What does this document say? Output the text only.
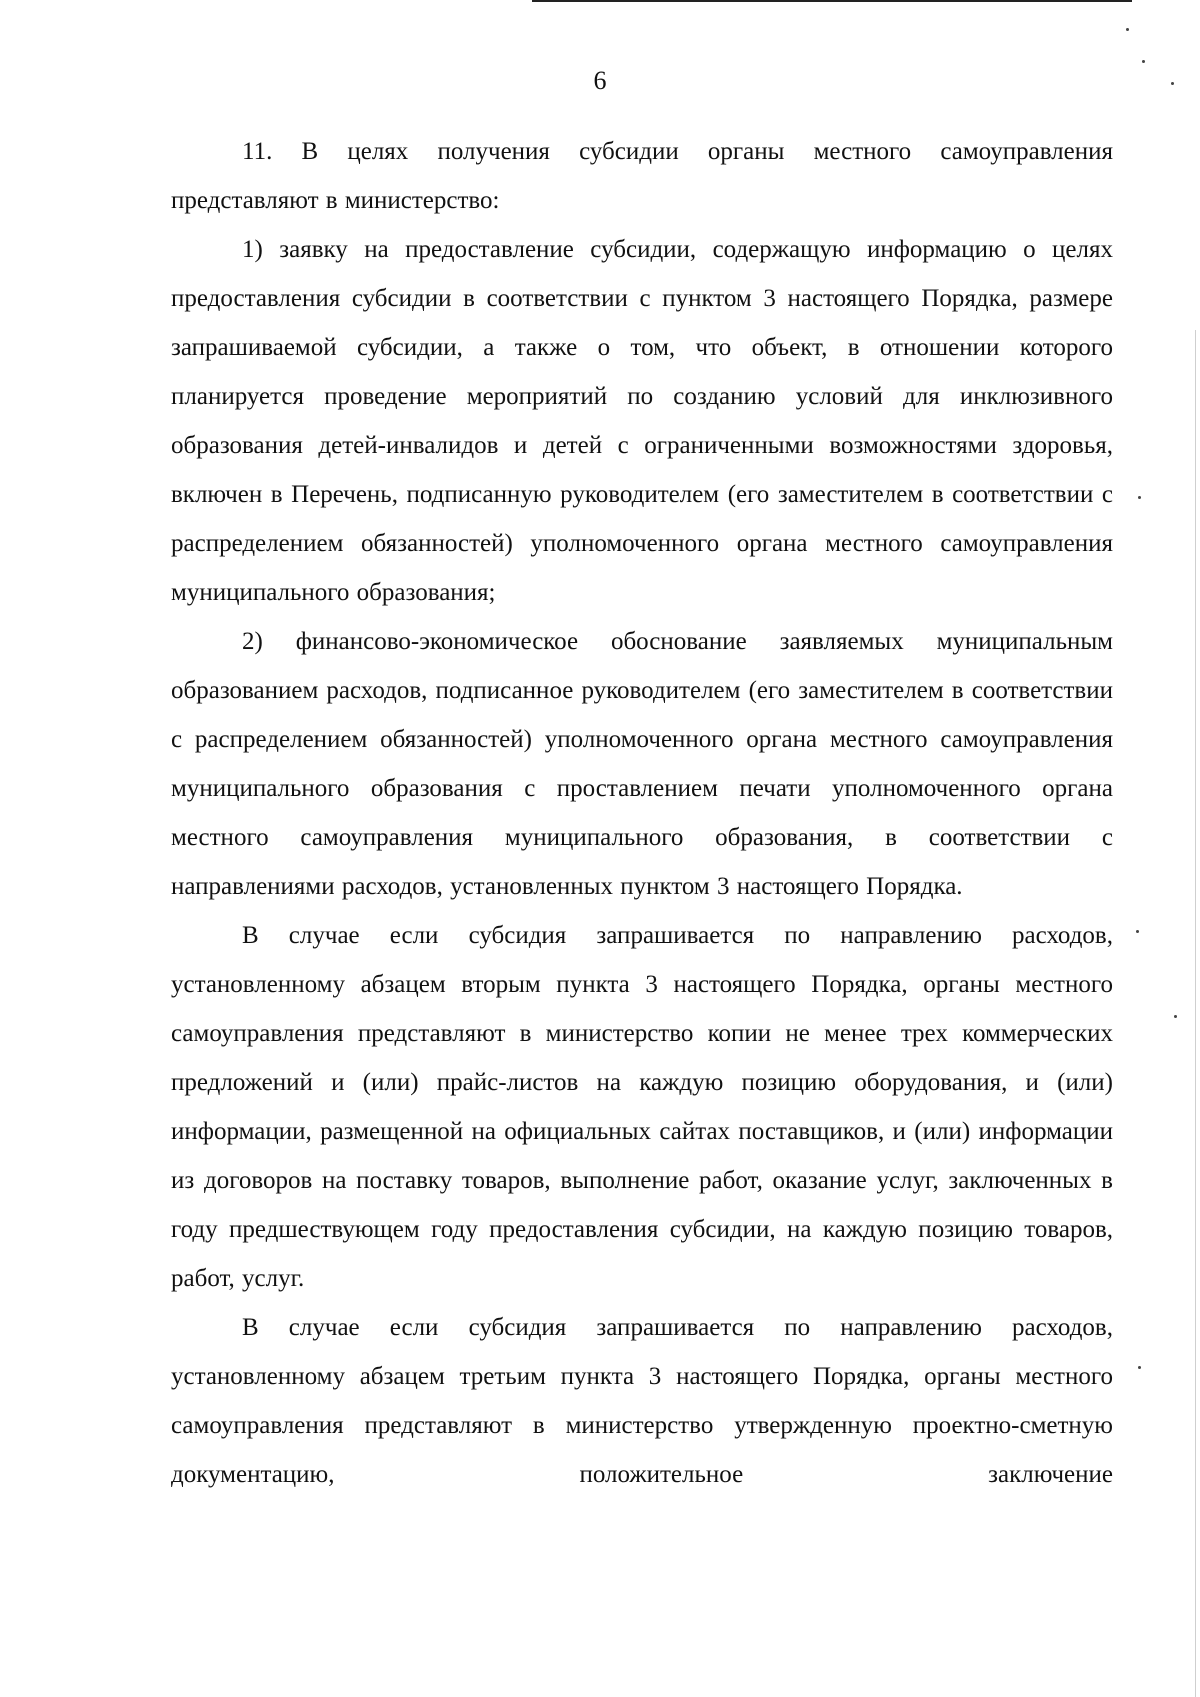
6

11. В целях получения субсидии органы местного самоуправления представляют в министерство:

1) заявку на предоставление субсидии, содержащую информацию о целях предоставления субсидии в соответствии с пунктом 3 настоящего Порядка, размере запрашиваемой субсидии, а также о том, что объект, в отношении которого планируется проведение мероприятий по созданию условий для инклюзивного образования детей-инвалидов и детей с ограниченными возможностями здоровья, включен в Перечень, подписанную руководителем (его заместителем в соответствии с распределением обязанностей) уполномоченного органа местного самоуправления муниципального образования;

2) финансово-экономическое обоснование заявляемых муниципальным образованием расходов, подписанное руководителем (его заместителем в соответствии с распределением обязанностей) уполномоченного органа местного самоуправления муниципального образования с проставлением печати уполномоченного органа местного самоуправления муниципального образования, в соответствии с направлениями расходов, установленных пунктом 3 настоящего Порядка.

В случае если субсидия запрашивается по направлению расходов, установленному абзацем вторым пункта 3 настоящего Порядка, органы местного самоуправления представляют в министерство копии не менее трех коммерческих предложений и (или) прайс-листов на каждую позицию оборудования, и (или) информации, размещенной на официальных сайтах поставщиков, и (или) информации из договоров на поставку товаров, выполнение работ, оказание услуг, заключенных в году предшествующем году предоставления субсидии, на каждую позицию товаров, работ, услуг.

В случае если субсидия запрашивается по направлению расходов, установленному абзацем третьим пункта 3 настоящего Порядка, органы местного самоуправления представляют в министерство утвержденную проектно-сметную документацию, положительное заключение
